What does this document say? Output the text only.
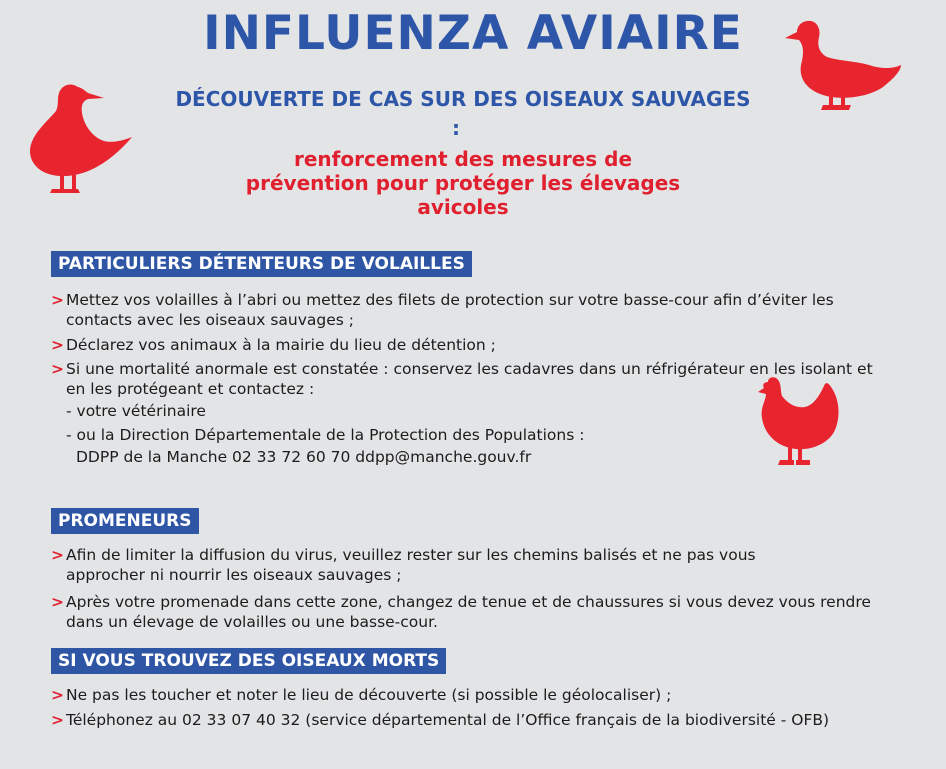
INFLUENZA AVIAIRE
DÉCOUVERTE DE CAS SUR DES OISEAUX SAUVAGES
:
renforcement des mesures de
prévention pour protéger les élevages
avicoles
PARTICULIERS DÉTENTEURS DE VOLAILLES
> Mettez vos volailles à l’abri ou mettez des filets de protection sur votre basse-cour afin d’éviter les contacts avec les oiseaux sauvages ;
> Déclarez vos animaux à la mairie du lieu de détention ;
> Si une mortalité anormale est constatée : conservez les cadavres dans un réfrigérateur en les isolant et en les protégeant et contactez :
- votre vétérinaire
- ou la Direction Départementale de la Protection des Populations :
DDPP de la Manche 02 33 72 60 70 ddpp@manche.gouv.fr
PROMENEURS
> Afin de limiter la diffusion du virus, veuillez rester sur les chemins balisés et ne pas vous approcher ni nourrir les oiseaux sauvages ;
> Après votre promenade dans cette zone, changez de tenue et de chaussures si vous devez vous rendre dans un élevage de volailles ou une basse-cour.
SI VOUS TROUVEZ DES OISEAUX MORTS
> Ne pas les toucher et noter le lieu de découverte (si possible le géolocaliser) ;
> Téléphonez au 02 33 07 40 32 (service départemental de l’Office français de la biodiversité - OFB)
